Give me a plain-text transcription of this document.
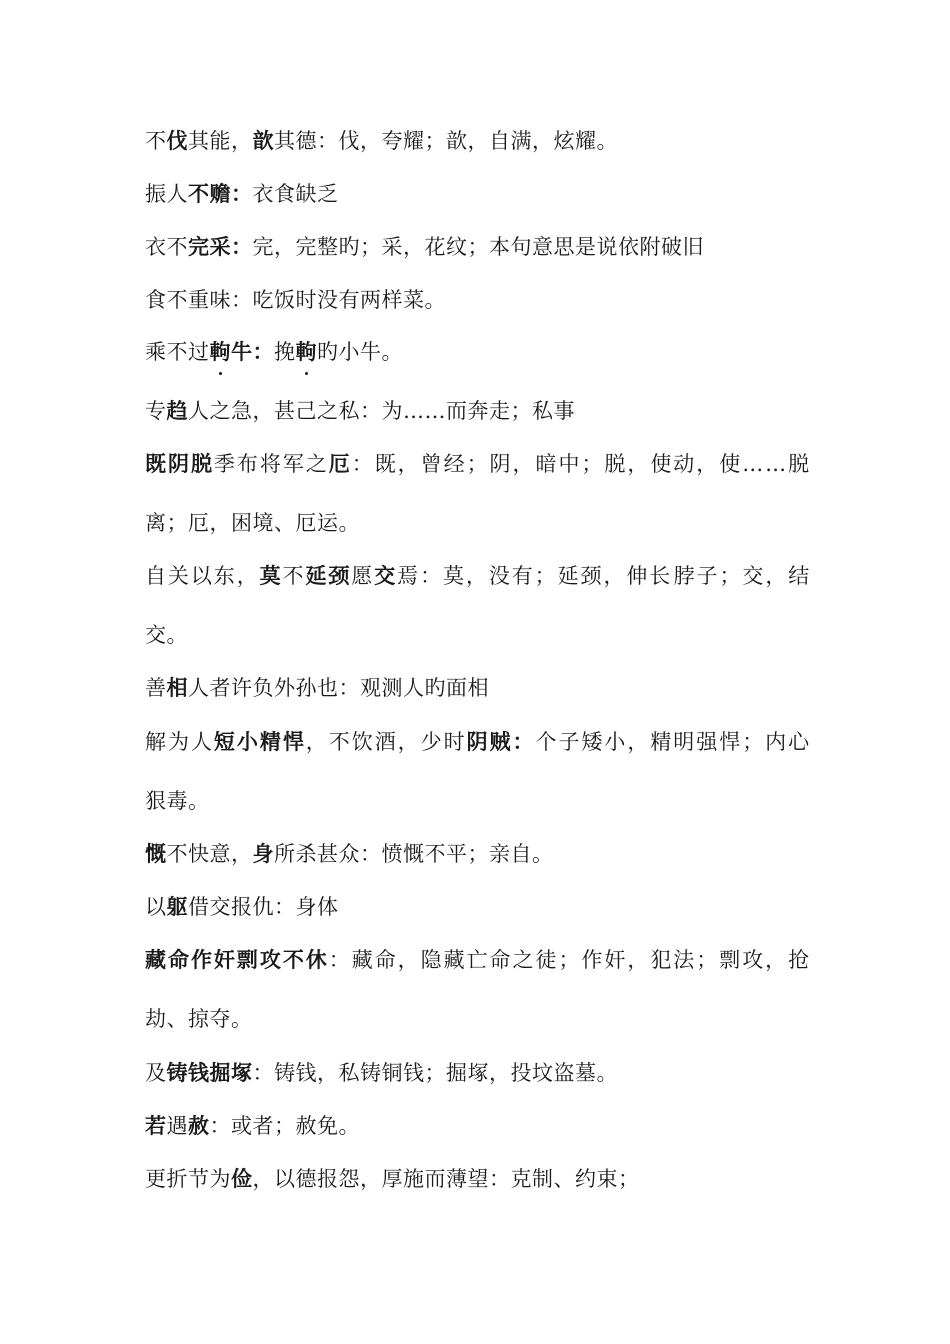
不伐其能，歆其德：伐，夸耀；歆，自满，炫耀。
振人不赡：衣食缺乏
衣不完采：完，完整旳；采，花纹；本句意思是说依附破旧
食不重味：吃饭时没有两样菜。
乘不过軥牛：挽軥旳小牛。
专趋人之急，甚己之私：为……而奔走；私事
既 阴 脱 季 布 将 军 之 厄 ： 既 ， 曾 经 ； 阴 ， 暗 中 ； 脱 ， 使 动 ， 使 … … 脱
离；厄，困境、厄运。
自 关 以 东 ， 莫 不 延 颈 愿 交 焉 ： 莫 ， 没 有 ； 延 颈 ， 伸 长 脖 子 ； 交 ， 结
交。
善相人者许负外孙也：观测人旳面相
解 为 人 短 小 精 悍 ， 不 饮 酒 ， 少 时 阴 贼 ： 个 子 矮 小 ， 精 明 强 悍 ； 内 心
狠毒。
慨不快意，身所杀甚众：愤慨不平；亲自。
以躯借交报仇：身体
藏 命 作 奸 剽 攻 不 休 ： 藏 命 ， 隐 藏 亡 命 之 徒 ； 作 奸 ， 犯 法 ； 剽 攻 ， 抢
劫、掠夺。
及铸钱掘塚：铸钱，私铸铜钱；掘塚，投坟盗墓。
若遇赦：或者；赦免。
更折节为俭，以德报怨，厚施而薄望：克制、约束；
